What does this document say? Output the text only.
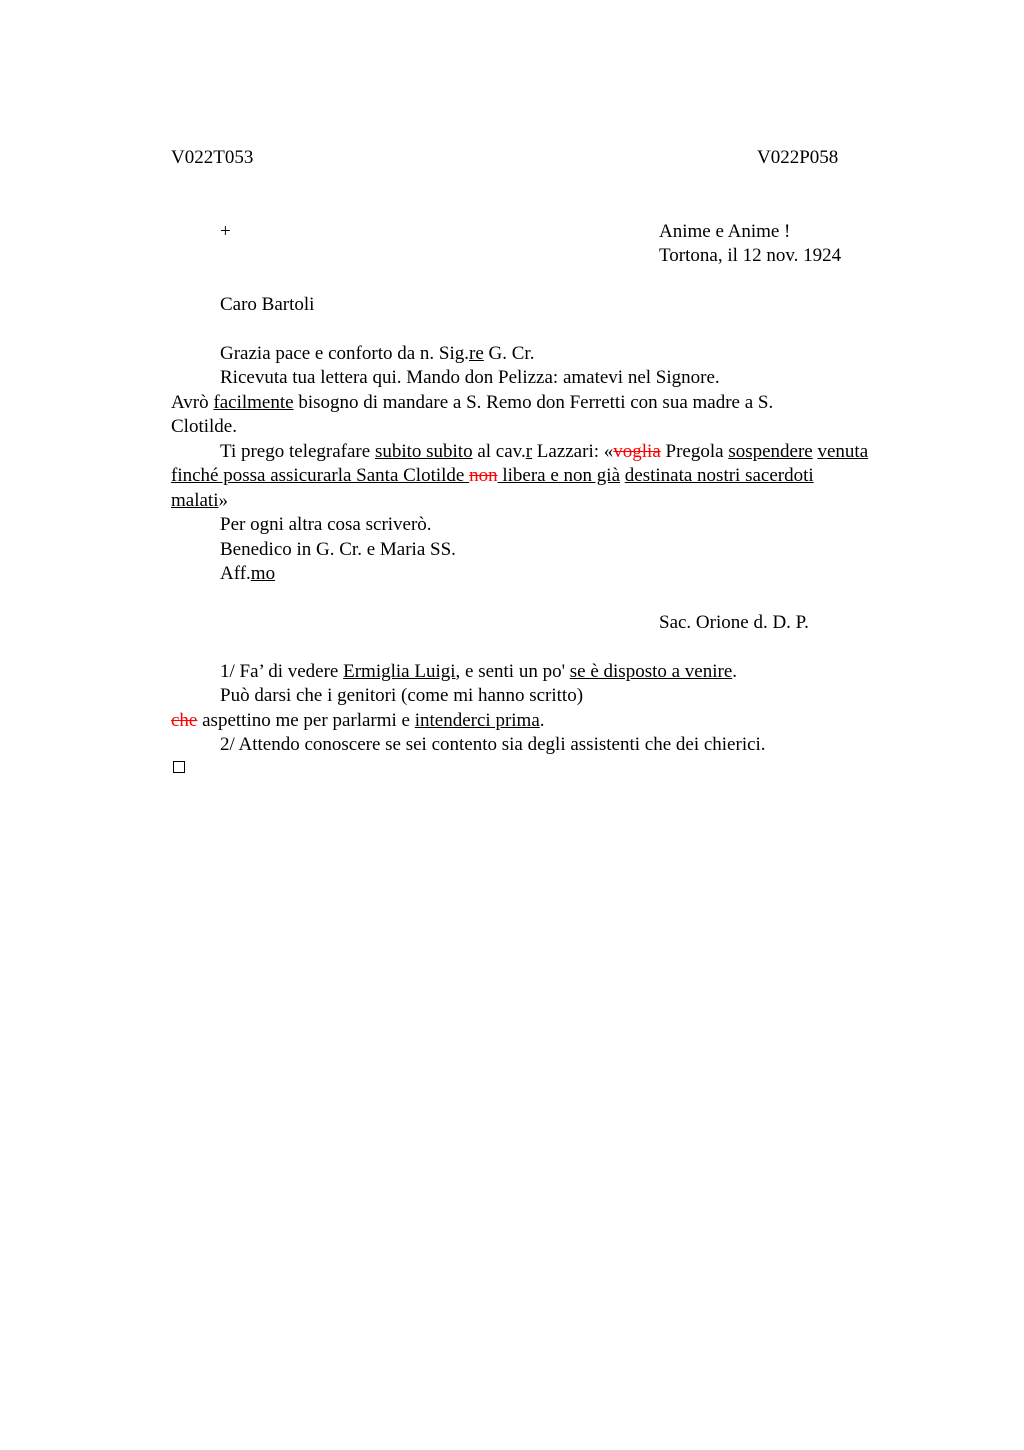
V022T053	V022P058
+	Anime e Anime !
Tortona, il 12 nov. 1924
Caro Bartoli
Grazia pace e conforto da n. Sig.re G. Cr.
Ricevuta tua lettera qui. Mando don Pelizza: amatevi nel Signore.
Avrò facilmente bisogno di mandare a S. Remo don Ferretti con sua madre a S.
Clotilde.
Ti prego telegrafare subito subito al cav.r Lazzari: «voglia Pregola sospendere venuta
finché possa assicurarla Santa Clotilde non libera e non già destinata nostri sacerdoti
malati»
Per ogni altra cosa scriverò.
Benedico in G. Cr. e Maria SS.
Aff.mo
Sac. Orione d. D. P.
1/ Fa’ di vedere Ermiglia Luigi, e senti un po' se è disposto a venire.
Può darsi che i genitori (come mi hanno scritto)
che aspettino me per parlarmi e intenderci prima.
2/ Attendo conoscere se sei contento sia degli assistenti che dei chierici.
